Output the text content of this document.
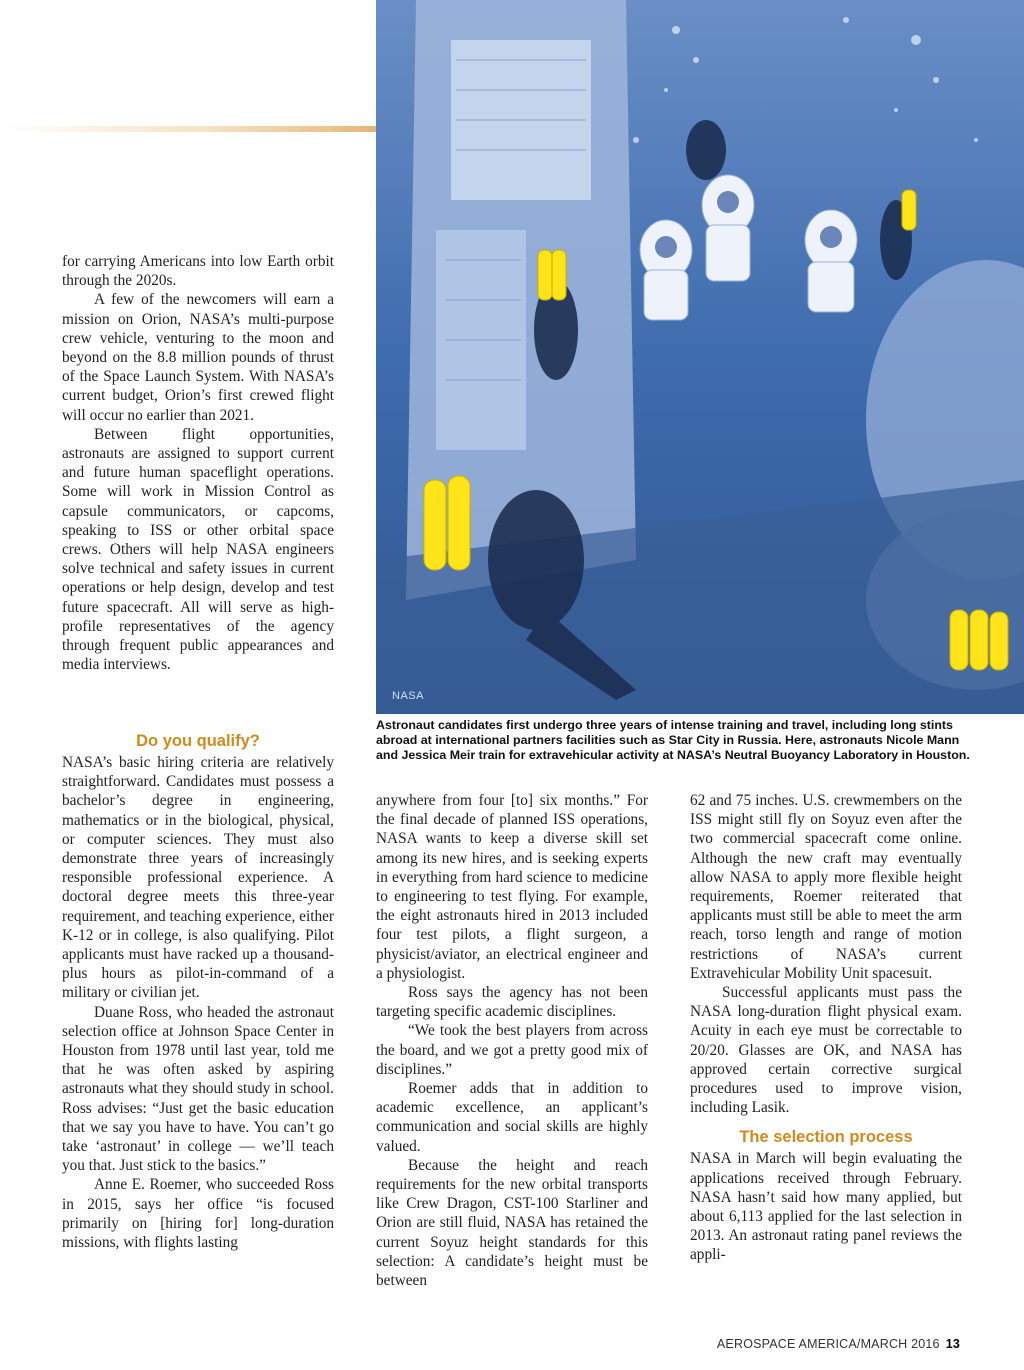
NASA
Astronaut candidates first undergo three years of intense training and travel, including long stints abroad at international partners facilities such as Star City in Russia. Here, astronauts Nicole Mann and Jessica Meir train for extravehicular activity at NASA’s Neutral Buoyancy Laboratory in Houston.

for carrying Americans into low Earth orbit through the 2020s.

A few of the newcomers will earn a mission on Orion, NASA’s multi-purpose crew vehicle, venturing to the moon and beyond on the 8.8 million pounds of thrust of the Space Launch System. With NASA’s current budget, Orion’s first crewed flight will occur no earlier than 2021.

Between flight opportunities, astronauts are assigned to support current and future human spaceflight operations. Some will work in Mission Control as capsule communicators, or capcoms, speaking to ISS or other orbital space crews. Others will help NASA engineers solve technical and safety issues in current operations or help design, develop and test future spacecraft. All will serve as high-profile representatives of the agency through frequent public appearances and media interviews.

Do you qualify?

NASA’s basic hiring criteria are relatively straightforward. Candidates must possess a bachelor’s degree in engineering, mathematics or in the biological, physical, or computer sciences. They must also demonstrate three years of increasingly responsible professional experience. A doctoral degree meets this three-year requirement, and teaching experience, either K-12 or in college, is also qualifying. Pilot applicants must have racked up a thousand-plus hours as pilot-in-command of a military or civilian jet.

Duane Ross, who headed the astronaut selection office at Johnson Space Center in Houston from 1978 until last year, told me that he was often asked by aspiring astronauts what they should study in school. Ross advises: “Just get the basic education that we say you have to have. You can’t go take ‘astronaut’ in college — we’ll teach you that. Just stick to the basics.”

Anne E. Roemer, who succeeded Ross in 2015, says her office “is focused primarily on [hiring for] long-duration missions, with flights lasting

anywhere from four [to] six months.” For the final decade of planned ISS operations, NASA wants to keep a diverse skill set among its new hires, and is seeking experts in everything from hard science to medicine to engineering to test flying. For example, the eight astronauts hired in 2013 included four test pilots, a flight surgeon, a physicist/aviator, an electrical engineer and a physiologist.

Ross says the agency has not been targeting specific academic disciplines.

“We took the best players from across the board, and we got a pretty good mix of disciplines.”

Roemer adds that in addition to academic excellence, an applicant’s communication and social skills are highly valued.

Because the height and reach requirements for the new orbital transports like Crew Dragon, CST-100 Starliner and Orion are still fluid, NASA has retained the current Soyuz height standards for this selection: A candidate’s height must be between

62 and 75 inches. U.S. crewmembers on the ISS might still fly on Soyuz even after the two commercial spacecraft come online. Although the new craft may eventually allow NASA to apply more flexible height requirements, Roemer reiterated that applicants must still be able to meet the arm reach, torso length and range of motion restrictions of NASA’s current Extravehicular Mobility Unit spacesuit.

Successful applicants must pass the NASA long-duration flight physical exam. Acuity in each eye must be correctable to 20/20. Glasses are OK, and NASA has approved certain corrective surgical procedures used to improve vision, including Lasik.

The selection process

NASA in March will begin evaluating the applications received through February. NASA hasn’t said how many applied, but about 6,113 applied for the last selection in 2013. An astronaut rating panel reviews the appli-

AEROSPACE AMERICA/MARCH 2016 13
